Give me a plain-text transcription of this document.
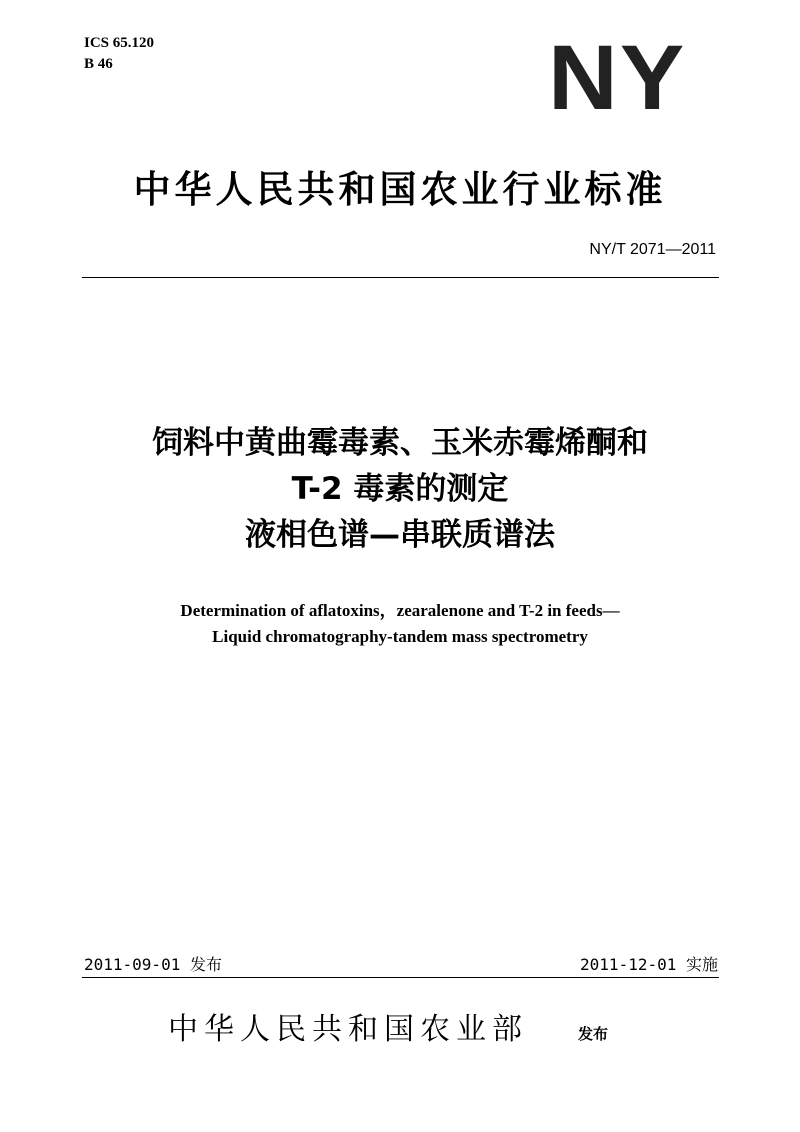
ICS 65.120
B 46	NY
中华人民共和国农业行业标准
NY/T 2071—2011
饲料中黄曲霉毒素、玉米赤霉烯酮和
T-2 毒素的测定
液相色谱—串联质谱法
Determination of aflatoxins，zearalenone and T-2 in feeds—
Liquid chromatography-tandem mass spectrometry
2011-09-01 发布	2011-12-01 实施
中华人民共和国农业部	发布
